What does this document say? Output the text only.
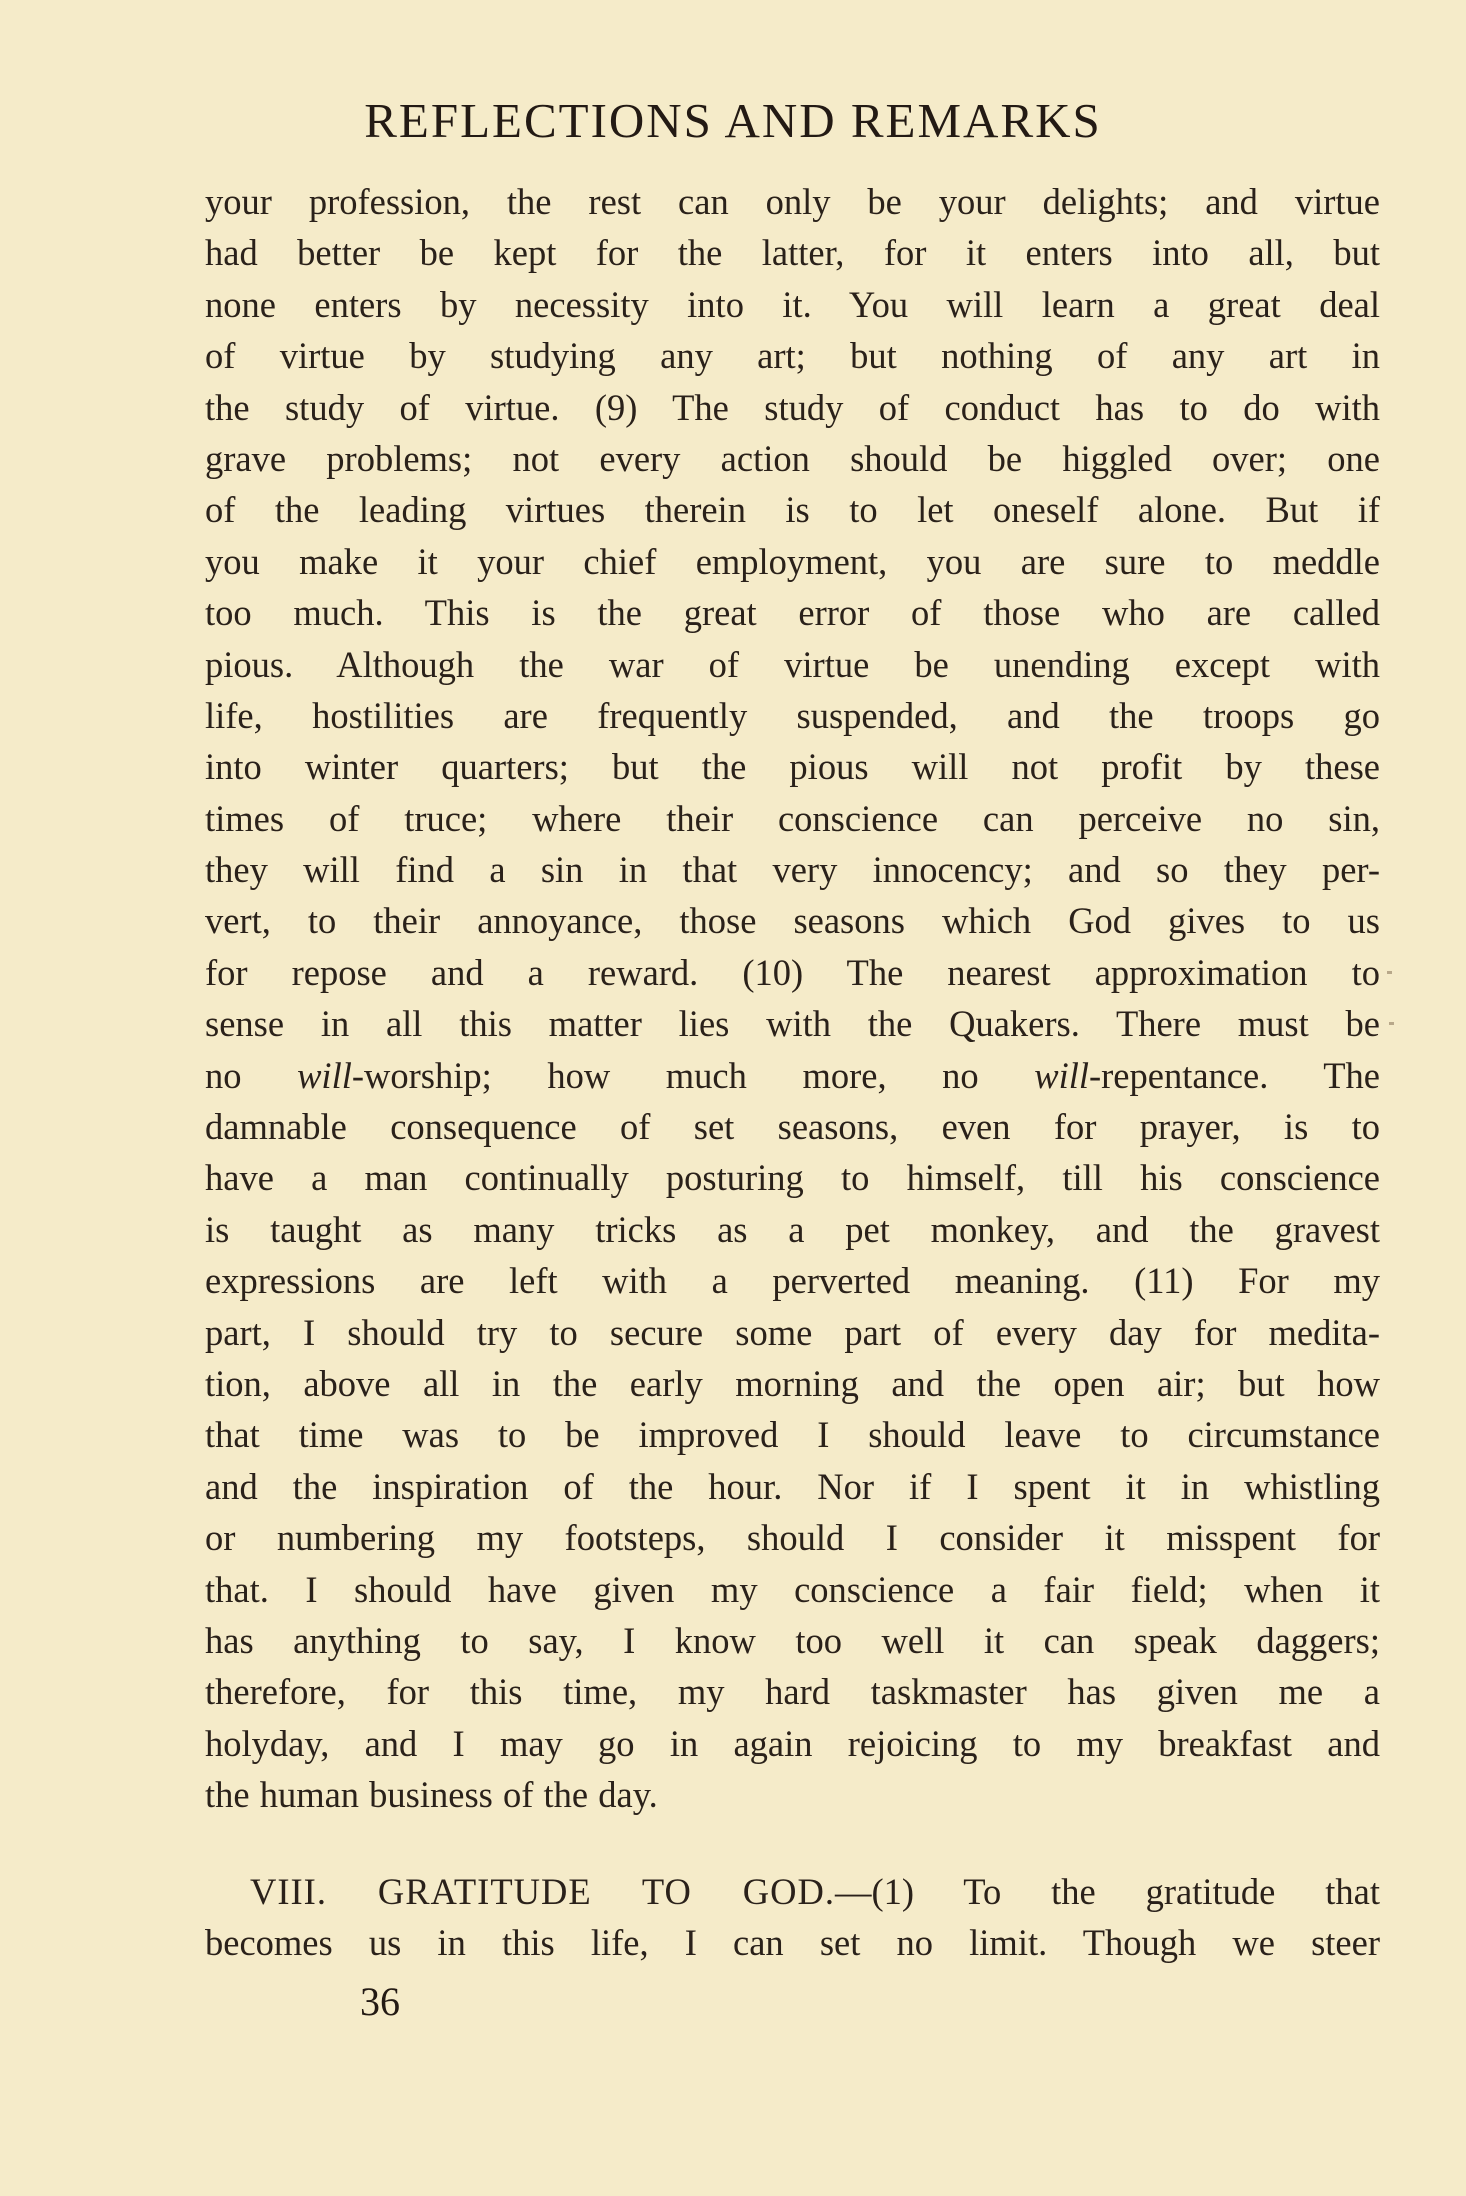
REFLECTIONS AND REMARKS
your profession, the rest can only be your delights; and virtue
had better be kept for the latter, for it enters into all, but
none enters by necessity into it. You will learn a great deal
of virtue by studying any art; but nothing of any art in
the study of virtue. (9) The study of conduct has to do with
grave problems; not every action should be higgled over; one
of the leading virtues therein is to let oneself alone. But if
you make it your chief employment, you are sure to meddle
too much. This is the great error of those who are called
pious. Although the war of virtue be unending except with
life, hostilities are frequently suspended, and the troops go
into winter quarters; but the pious will not profit by these
times of truce; where their conscience can perceive no sin,
they will find a sin in that very innocency; and so they per-
vert, to their annoyance, those seasons which God gives to us
for repose and a reward. (10) The nearest approximation to
sense in all this matter lies with the Quakers. There must be
no will-worship; how much more, no will-repentance. The
damnable consequence of set seasons, even for prayer, is to
have a man continually posturing to himself, till his conscience
is taught as many tricks as a pet monkey, and the gravest
expressions are left with a perverted meaning. (11) For my
part, I should try to secure some part of every day for medita-
tion, above all in the early morning and the open air; but how
that time was to be improved I should leave to circumstance
and the inspiration of the hour. Nor if I spent it in whistling
or numbering my footsteps, should I consider it misspent for
that. I should have given my conscience a fair field; when it
has anything to say, I know too well it can speak daggers;
therefore, for this time, my hard taskmaster has given me a
holyday, and I may go in again rejoicing to my breakfast and
the human business of the day.
VIII. GRATITUDE TO GOD.—(1) To the gratitude that
becomes us in this life, I can set no limit. Though we steer
36
